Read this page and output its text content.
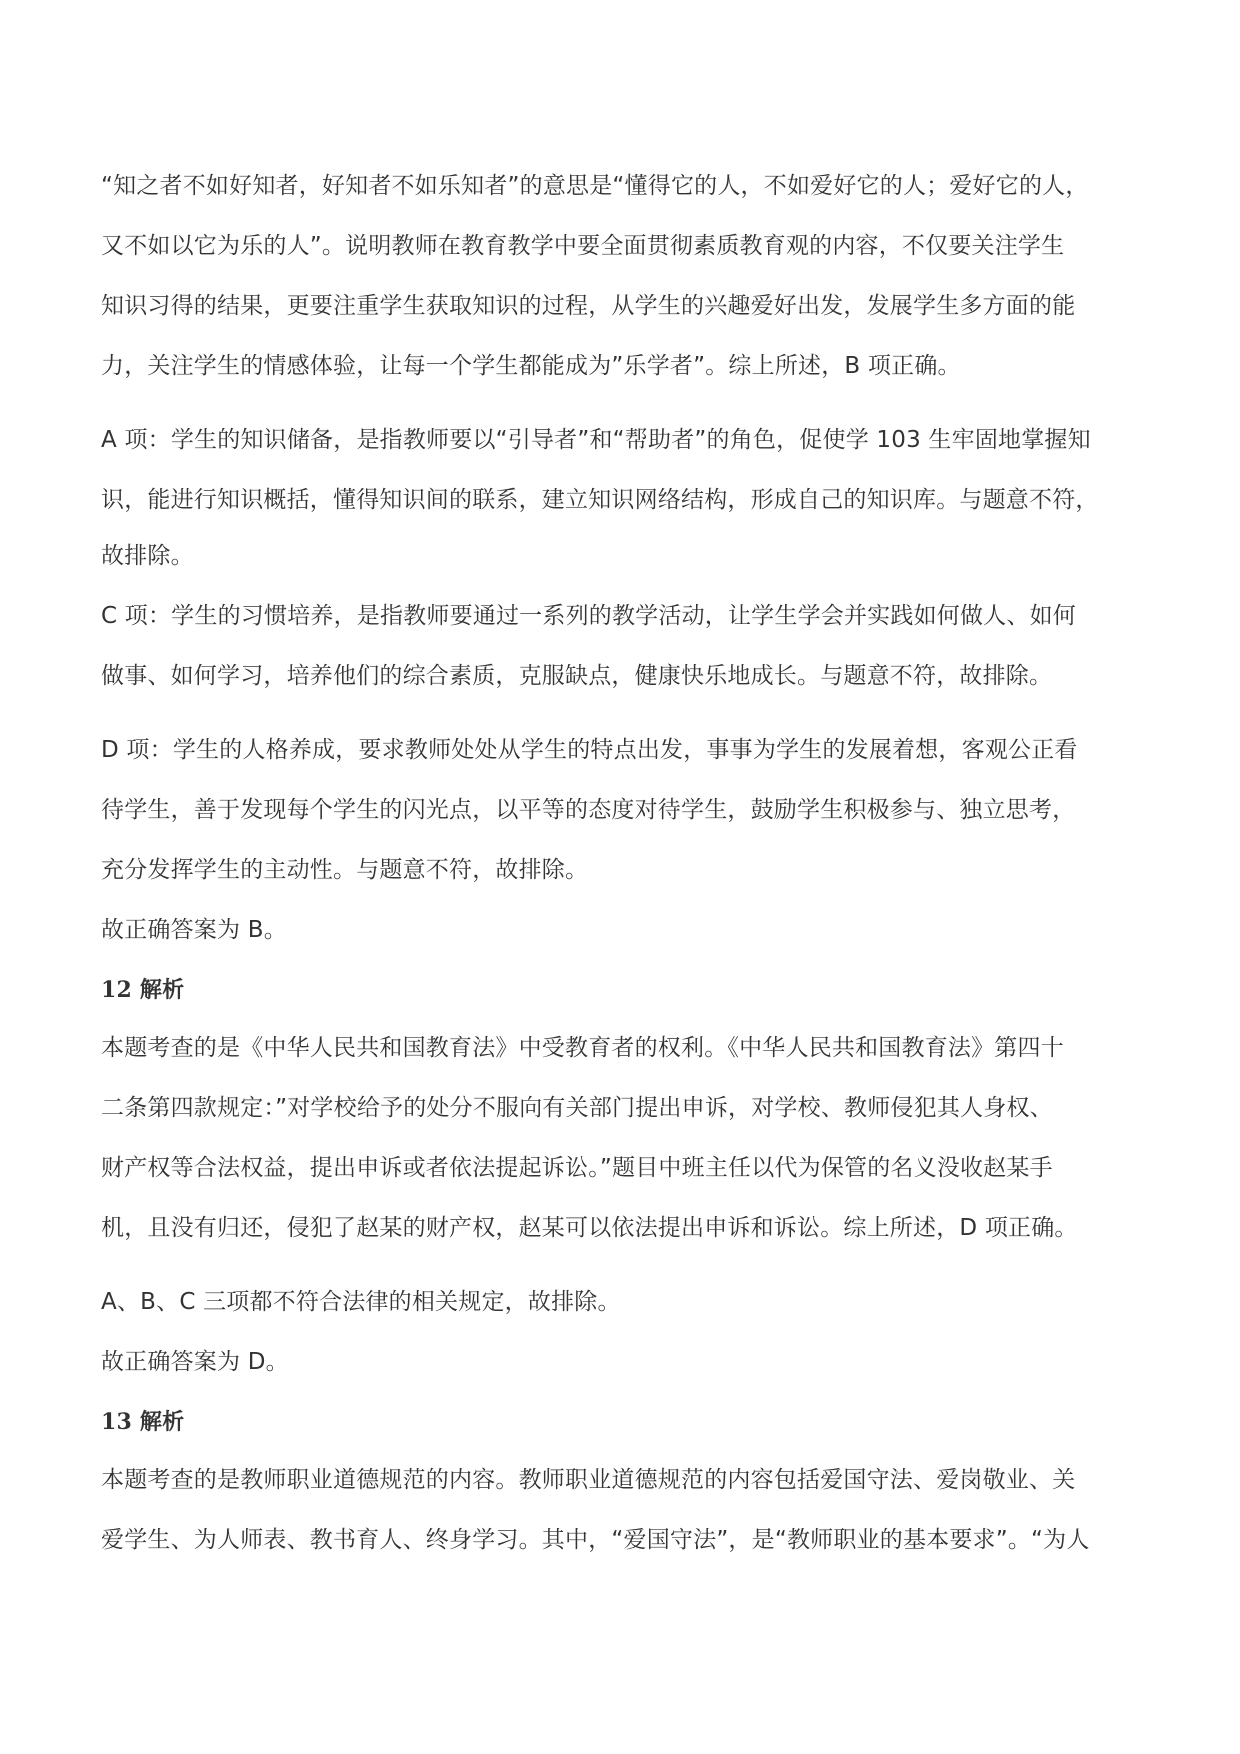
“知之者不如好知者，好知者不如乐知者”的意思是“懂得它的人，不如爱好它的人；爱好它的人，
又不如以它为乐的人”。说明教师在教育教学中要全面贯彻素质教育观的内容，不仅要关注学生
知识习得的结果，更要注重学生获取知识的过程，从学生的兴趣爱好出发，发展学生多方面的能
力，关注学生的情感体验，让每一个学生都能成为”乐学者”。综上所述，B 项正确。
A 项：学生的知识储备，是指教师要以“引导者”和“帮助者”的角色，促使学 103 生牢固地掌握知
识，能进行知识概括，懂得知识间的联系，建立知识网络结构，形成自己的知识库。与题意不符，
故排除。
C 项：学生的习惯培养，是指教师要通过一系列的教学活动，让学生学会并实践如何做人、如何
做事、如何学习，培养他们的综合素质，克服缺点，健康快乐地成长。与题意不符，故排除。
D 项：学生的人格养成，要求教师处处从学生的特点出发，事事为学生的发展着想，客观公正看
待学生，善于发现每个学生的闪光点，以平等的态度对待学生，鼓励学生积极参与、独立思考，
充分发挥学生的主动性。与题意不符，故排除。
故正确答案为 B。
12 解析
本题考查的是《中华人民共和国教育法》中受教育者的权利。《中华人民共和国教育法》第四十
二条第四款规定：”对学校给予的处分不服向有关部门提出申诉，对学校、教师侵犯其人身权、
财产权等合法权益，提出申诉或者依法提起诉讼。”题目中班主任以代为保管的名义没收赵某手
机，且没有归还，侵犯了赵某的财产权，赵某可以依法提出申诉和诉讼。综上所述，D 项正确。
A、B、C 三项都不符合法律的相关规定，故排除。
故正确答案为 D。
13 解析
本题考查的是教师职业道德规范的内容。教师职业道德规范的内容包括爱国守法、爱岗敬业、关
爱学生、为人师表、教书育人、终身学习。其中，“爱国守法”，是“教师职业的基本要求”。“为人
